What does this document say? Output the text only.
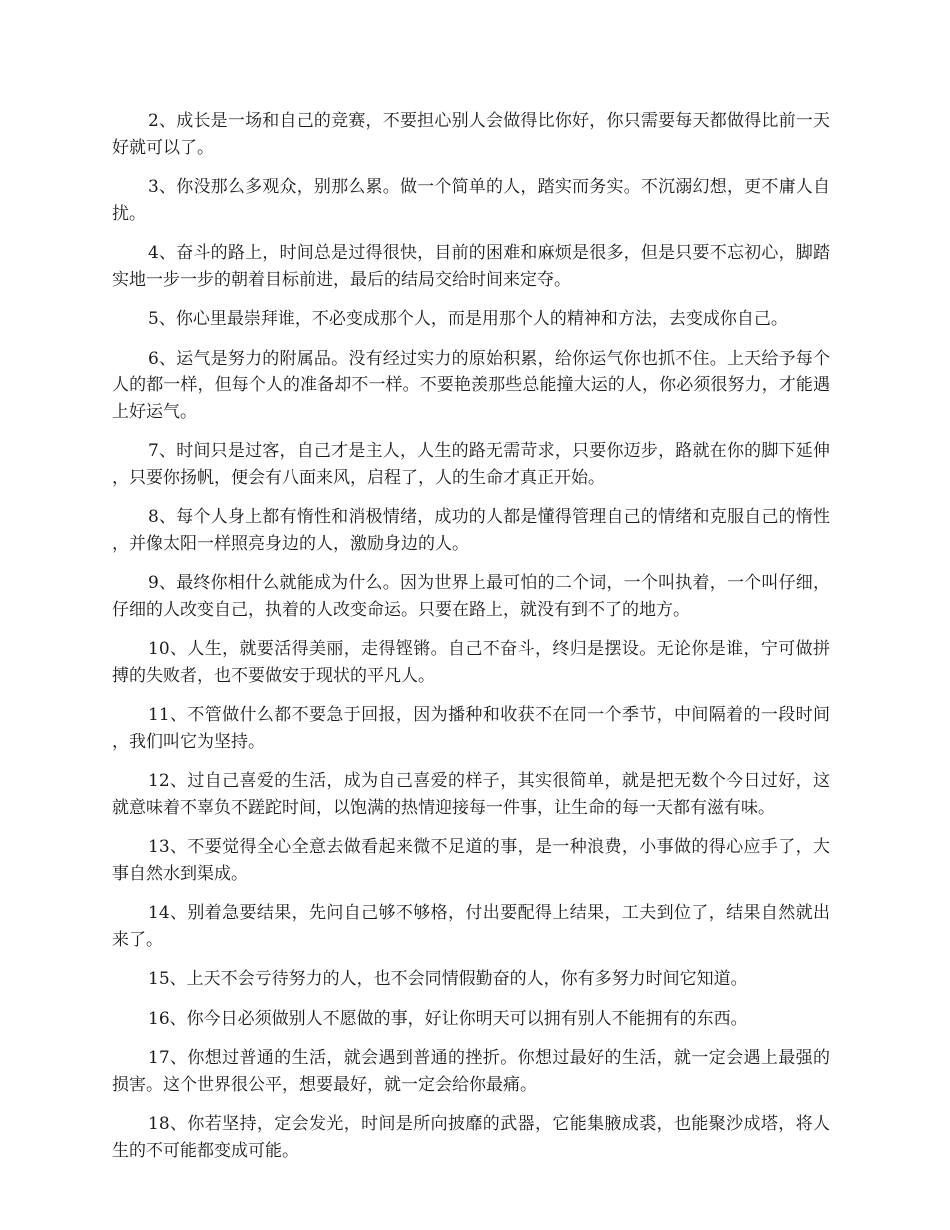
2、成长是一场和自己的竞赛，不要担心别人会做得比你好，你只需要每天都做得比前一天好就可以了。

3、你没那么多观众，别那么累。做一个简单的人，踏实而务实。不沉溺幻想，更不庸人自扰。

4、奋斗的路上，时间总是过得很快，目前的困难和麻烦是很多，但是只要不忘初心，脚踏实地一步一步的朝着目标前进，最后的结局交给时间来定夺。

5、你心里最崇拜谁，不必变成那个人，而是用那个人的精神和方法，去变成你自己。

6、运气是努力的附属品。没有经过实力的原始积累，给你运气你也抓不住。上天给予每个人的都一样，但每个人的准备却不一样。不要艳羡那些总能撞大运的人，你必须很努力，才能遇上好运气。

7、时间只是过客，自己才是主人，人生的路无需苛求，只要你迈步，路就在你的脚下延伸，只要你扬帆，便会有八面来风，启程了，人的生命才真正开始。

8、每个人身上都有惰性和消极情绪，成功的人都是懂得管理自己的情绪和克服自己的惰性，并像太阳一样照亮身边的人，激励身边的人。

9、最终你相什么就能成为什么。因为世界上最可怕的二个词，一个叫执着，一个叫仔细，仔细的人改变自己，执着的人改变命运。只要在路上，就没有到不了的地方。

10、人生，就要活得美丽，走得铿锵。自己不奋斗，终归是摆设。无论你是谁，宁可做拼搏的失败者，也不要做安于现状的平凡人。

11、不管做什么都不要急于回报，因为播种和收获不在同一个季节，中间隔着的一段时间，我们叫它为坚持。

12、过自己喜爱的生活，成为自己喜爱的样子，其实很简单，就是把无数个今日过好，这就意味着不辜负不蹉跎时间，以饱满的热情迎接每一件事，让生命的每一天都有滋有味。

13、不要觉得全心全意去做看起来微不足道的事，是一种浪费，小事做的得心应手了，大事自然水到渠成。

14、别着急要结果，先问自己够不够格，付出要配得上结果，工夫到位了，结果自然就出来了。

15、上天不会亏待努力的人，也不会同情假勤奋的人，你有多努力时间它知道。

16、你今日必须做别人不愿做的事，好让你明天可以拥有别人不能拥有的东西。

17、你想过普通的生活，就会遇到普通的挫折。你想过最好的生活，就一定会遇上最强的损害。这个世界很公平，想要最好，就一定会给你最痛。

18、你若坚持，定会发光，时间是所向披靡的武器，它能集腋成裘，也能聚沙成塔，将人生的不可能都变成可能。
